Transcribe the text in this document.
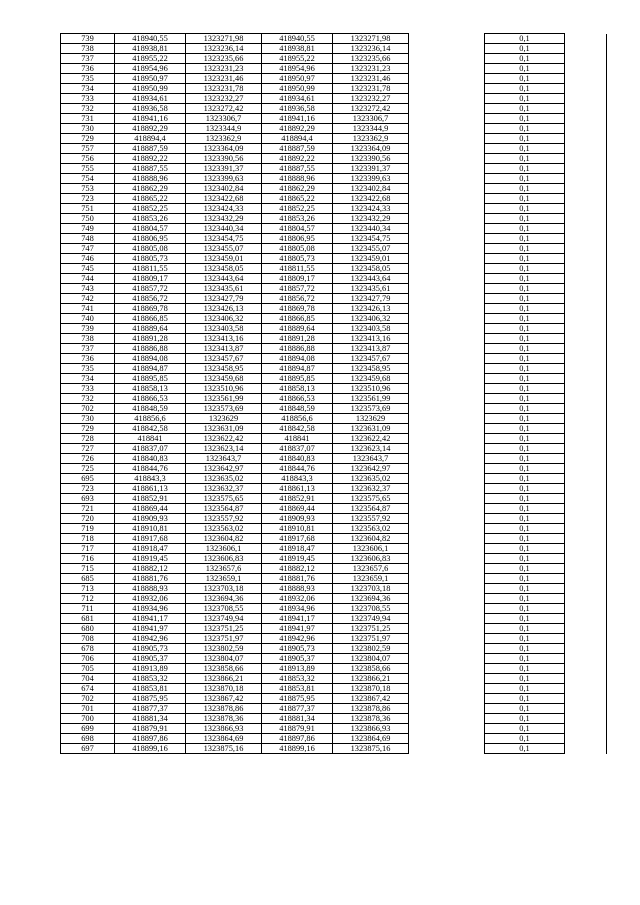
739	418940,55	1323271,98	418940,55	1323271,98		0,1	
738	418938,81	1323236,14	418938,81	1323236,14		0,1	
737	418955,22	1323235,66	418955,22	1323235,66		0,1	
736	418954,96	1323231,23	418954,96	1323231,23		0,1	
735	418950,97	1323231,46	418950,97	1323231,46		0,1	
734	418950,99	1323231,78	418950,99	1323231,78		0,1	
733	418934,61	1323232,27	418934,61	1323232,27		0,1	
732	418936,58	1323272,42	418936,58	1323272,42		0,1	
731	418941,16	1323306,7	418941,16	1323306,7		0,1	
730	418892,29	1323344,9	418892,29	1323344,9		0,1	
729	418894,4	1323362,9	418894,4	1323362,9		0,1	
757	418887,59	1323364,09	418887,59	1323364,09		0,1	
756	418892,22	1323390,56	418892,22	1323390,56		0,1	
755	418887,55	1323391,37	418887,55	1323391,37		0,1	
754	418888,96	1323399,63	418888,96	1323399,63		0,1	
753	418862,29	1323402,84	418862,29	1323402,84		0,1	
723	418865,22	1323422,68	418865,22	1323422,68		0,1	
751	418852,25	1323424,33	418852,25	1323424,33		0,1	
750	418853,26	1323432,29	418853,26	1323432,29		0,1	
749	418804,57	1323440,34	418804,57	1323440,34		0,1	
748	418806,95	1323454,75	418806,95	1323454,75		0,1	
747	418805,08	1323455,07	418805,08	1323455,07		0,1	
746	418805,73	1323459,01	418805,73	1323459,01		0,1	
745	418811,55	1323458,05	418811,55	1323458,05		0,1	
744	418809,17	1323443,64	418809,17	1323443,64		0,1	
743	418857,72	1323435,61	418857,72	1323435,61		0,1	
742	418856,72	1323427,79	418856,72	1323427,79		0,1	
741	418869,78	1323426,13	418869,78	1323426,13		0,1	
740	418866,85	1323406,32	418866,85	1323406,32		0,1	
739	418889,64	1323403,58	418889,64	1323403,58		0,1	
738	418891,28	1323413,16	418891,28	1323413,16		0,1	
737	418886,88	1323413,87	418886,88	1323413,87		0,1	
736	418894,08	1323457,67	418894,08	1323457,67		0,1	
735	418894,87	1323458,95	418894,87	1323458,95		0,1	
734	418895,85	1323459,68	418895,85	1323459,68		0,1	
733	418858,13	1323510,96	418858,13	1323510,96		0,1	
732	418866,53	1323561,99	418866,53	1323561,99		0,1	
702	418848,59	1323573,69	418848,59	1323573,69		0,1	
730	418856,6	1323629	418856,6	1323629		0,1	
729	418842,58	1323631,09	418842,58	1323631,09		0,1	
728	418841	1323622,42	418841	1323622,42		0,1	
727	418837,07	1323623,14	418837,07	1323623,14		0,1	
726	418840,83	1323643,7	418840,83	1323643,7		0,1	
725	418844,76	1323642,97	418844,76	1323642,97		0,1	
695	418843,3	1323635,02	418843,3	1323635,02		0,1	
723	418861,13	1323632,37	418861,13	1323632,37		0,1	
693	418852,91	1323575,65	418852,91	1323575,65		0,1	
721	418869,44	1323564,87	418869,44	1323564,87		0,1	
720	418909,93	1323557,92	418909,93	1323557,92		0,1	
719	418910,81	1323563,02	418910,81	1323563,02		0,1	
718	418917,68	1323604,82	418917,68	1323604,82		0,1	
717	418918,47	1323606,1	418918,47	1323606,1		0,1	
716	418919,45	1323606,83	418919,45	1323606,83		0,1	
715	418882,12	1323657,6	418882,12	1323657,6		0,1	
685	418881,76	1323659,1	418881,76	1323659,1		0,1	
713	418888,93	1323703,18	418888,93	1323703,18		0,1	
712	418932,06	1323694,36	418932,06	1323694,36		0,1	
711	418934,96	1323708,55	418934,96	1323708,55		0,1	
681	418941,17	1323749,94	418941,17	1323749,94		0,1	
680	418941,97	1323751,25	418941,97	1323751,25		0,1	
708	418942,96	1323751,97	418942,96	1323751,97		0,1	
678	418905,73	1323802,59	418905,73	1323802,59		0,1	
706	418905,37	1323804,07	418905,37	1323804,07		0,1	
705	418913,89	1323858,66	418913,89	1323858,66		0,1	
704	418853,32	1323866,21	418853,32	1323866,21		0,1	
674	418853,81	1323870,18	418853,81	1323870,18		0,1	
702	418875,95	1323867,42	418875,95	1323867,42		0,1	
701	418877,37	1323878,86	418877,37	1323878,86		0,1	
700	418881,34	1323878,36	418881,34	1323878,36		0,1	
699	418879,91	1323866,93	418879,91	1323866,93		0,1	
698	418897,86	1323864,69	418897,86	1323864,69		0,1	
697	418899,16	1323875,16	418899,16	1323875,16		0,1	
